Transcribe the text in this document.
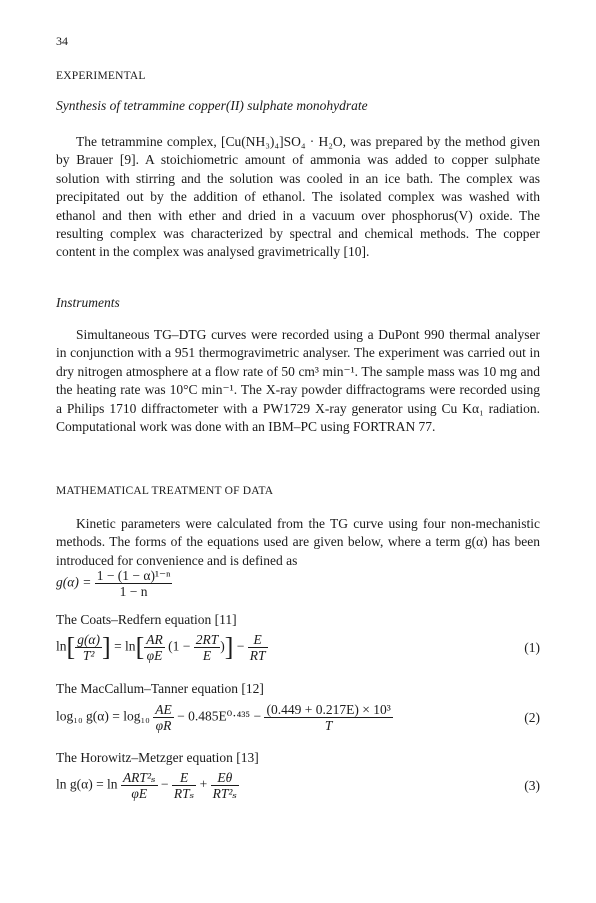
34
EXPERIMENTAL
Synthesis of tetrammine copper(II) sulphate monohydrate

The tetrammine complex, [Cu(NH₃)₄]SO₄ · H₂O, was prepared by the method given by Brauer [9]. A stoichiometric amount of ammonia was added to copper sulphate solution with stirring and the solution was cooled in an ice bath. The complex was precipitated out by the addition of ethanol. The isolated complex was washed with ethanol and then with ether and dried in a vacuum over phosphorus(V) oxide. The resulting complex was characterized by spectral and chemical methods. The copper content in the complex was analysed gravimetrically [10].

Instruments

Simultaneous TG–DTG curves were recorded using a DuPont 990 thermal analyser in conjunction with a 951 thermogravimetric analyser. The experiment was carried out in dry nitrogen atmosphere at a flow rate of 50 cm³ min⁻¹. The sample mass was 10 mg and the heating rate was 10°C min⁻¹. The X-ray powder diffractograms were recorded using a Philips 1710 diffractometer with a PW1729 X-ray generator using Cu Kα₁ radiation. Computational work was done with an IBM–PC using FORTRAN 77.

MATHEMATICAL TREATMENT OF DATA

Kinetic parameters were calculated from the TG curve using four non-mechanistic methods. The forms of the equations used are given below, where a term g(α) has been introduced for convenience and is defined as

$g(\alpha) = \frac{\text{1 − (1 − α)¹⁻ⁿ}}{1 - n}$
The Coats–Redfern equation [11]
$\ln[ \frac{g(\alpha)}{\text{T²}}$ ] = $\ln[ \frac{AR}{\varphi E} (1 - \frac{2RT}{E}$ )] − $\frac{E}{RT}$	(1)
The MacCallum–Tanner equation [12]
log₁₀ $g(\alpha) = \log_{10} \frac{AE}{\varphi R} - 0.485E^0\cdot^{435} - \frac{\text{(0.449 + 0.217E) × 10³}}{T}$	(2)
The Horowitz–Metzger equation [13]
$\ln g(\alpha) = \ln \frac{\text{ART²ₛ}}{\varphi E} - \frac{E}{\text{RTₛ}} + \frac{E\theta}{\text{RT²ₛ}}$	(3)
